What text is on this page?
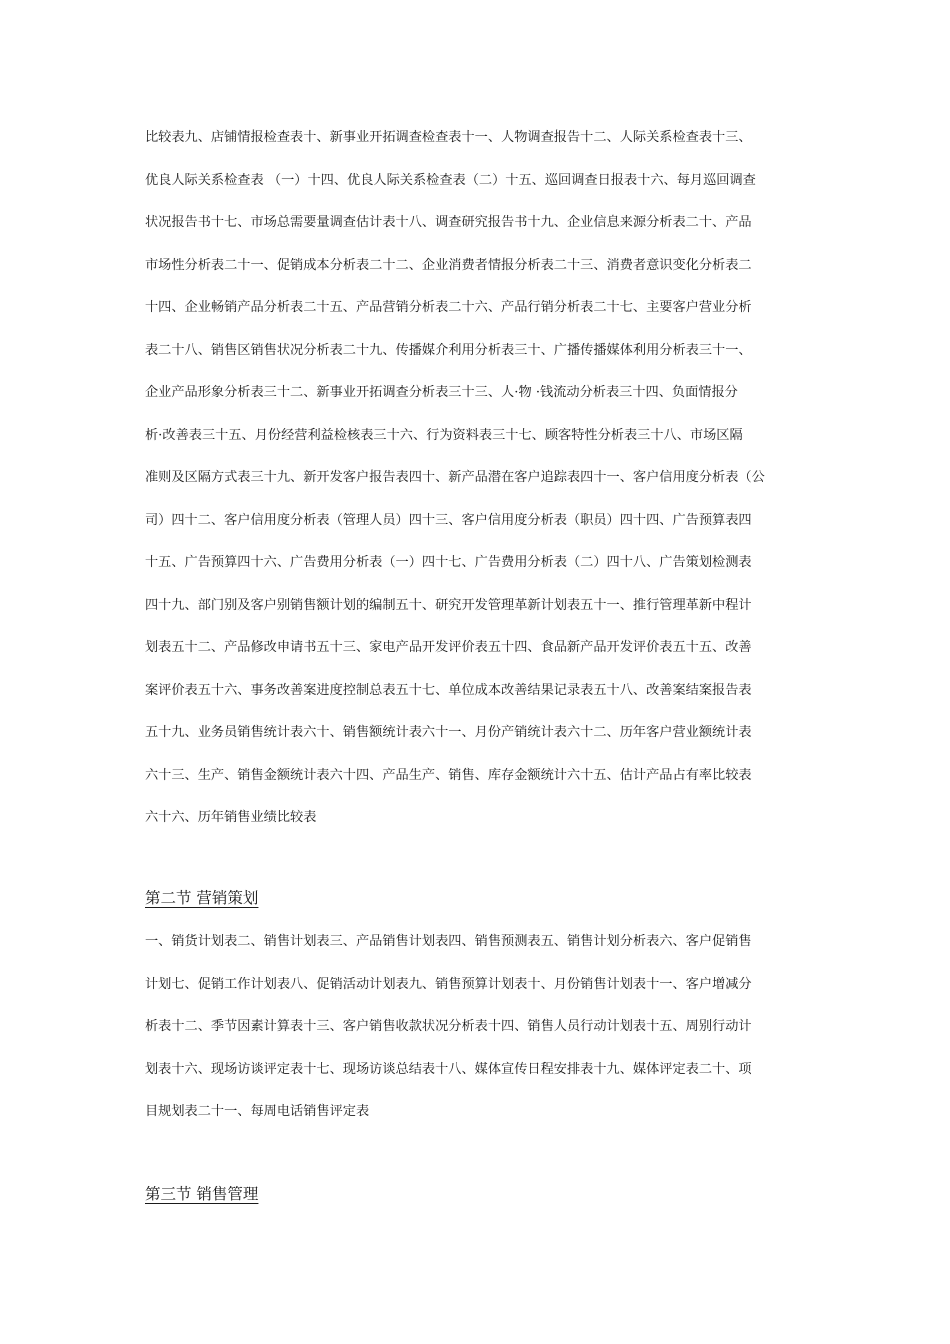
比较表九、店铺情报检查表十、新事业开拓调查检查表十一、人物调查报告十二、人际关系检查表十三、
优良人际关系检查表 （一）十四、优良人际关系检查表（二）十五、巡回调查日报表十六、每月巡回调查
状况报告书十七、市场总需要量调查估计表十八、调查研究报告书十九、企业信息来源分析表二十、产品
市场性分析表二十一、促销成本分析表二十二、企业消费者情报分析表二十三、消费者意识变化分析表二
十四、企业畅销产品分析表二十五、产品营销分析表二十六、产品行销分析表二十七、主要客户营业分析
表二十八、销售区销售状况分析表二十九、传播媒介利用分析表三十、广播传播媒体利用分析表三十一、
企业产品形象分析表三十二、新事业开拓调查分析表三十三、人·物 ·钱流动分析表三十四、负面情报分
析·改善表三十五、月份经营利益检核表三十六、行为资料表三十七、顾客特性分析表三十八、市场区隔
准则及区隔方式表三十九、新开发客户报告表四十、新产品潜在客户追踪表四十一、客户信用度分析表（公
司）四十二、客户信用度分析表（管理人员）四十三、客户信用度分析表（职员）四十四、广告预算表四
十五、广告预算四十六、广告费用分析表（一）四十七、广告费用分析表（二）四十八、广告策划检测表
四十九、部门别及客户别销售额计划的编制五十、研究开发管理革新计划表五十一、推行管理革新中程计
划表五十二、产品修改申请书五十三、家电产品开发评价表五十四、食品新产品开发评价表五十五、改善
案评价表五十六、事务改善案进度控制总表五十七、单位成本改善结果记录表五十八、改善案结案报告表
五十九、业务员销售统计表六十、销售额统计表六十一、月份产销统计表六十二、历年客户营业额统计表
六十三、生产、销售金额统计表六十四、产品生产、销售、库存金额统计六十五、估计产品占有率比较表
六十六、历年销售业绩比较表
第二节 营销策划
一、销货计划表二、销售计划表三、产品销售计划表四、销售预测表五、销售计划分析表六、客户促销售
计划七、促销工作计划表八、促销活动计划表九、销售预算计划表十、月份销售计划表十一、客户增减分
析表十二、季节因素计算表十三、客户销售收款状况分析表十四、销售人员行动计划表十五、周别行动计
划表十六、现场访谈评定表十七、现场访谈总结表十八、媒体宣传日程安排表十九、媒体评定表二十、项
目规划表二十一、每周电话销售评定表
第三节 销售管理
